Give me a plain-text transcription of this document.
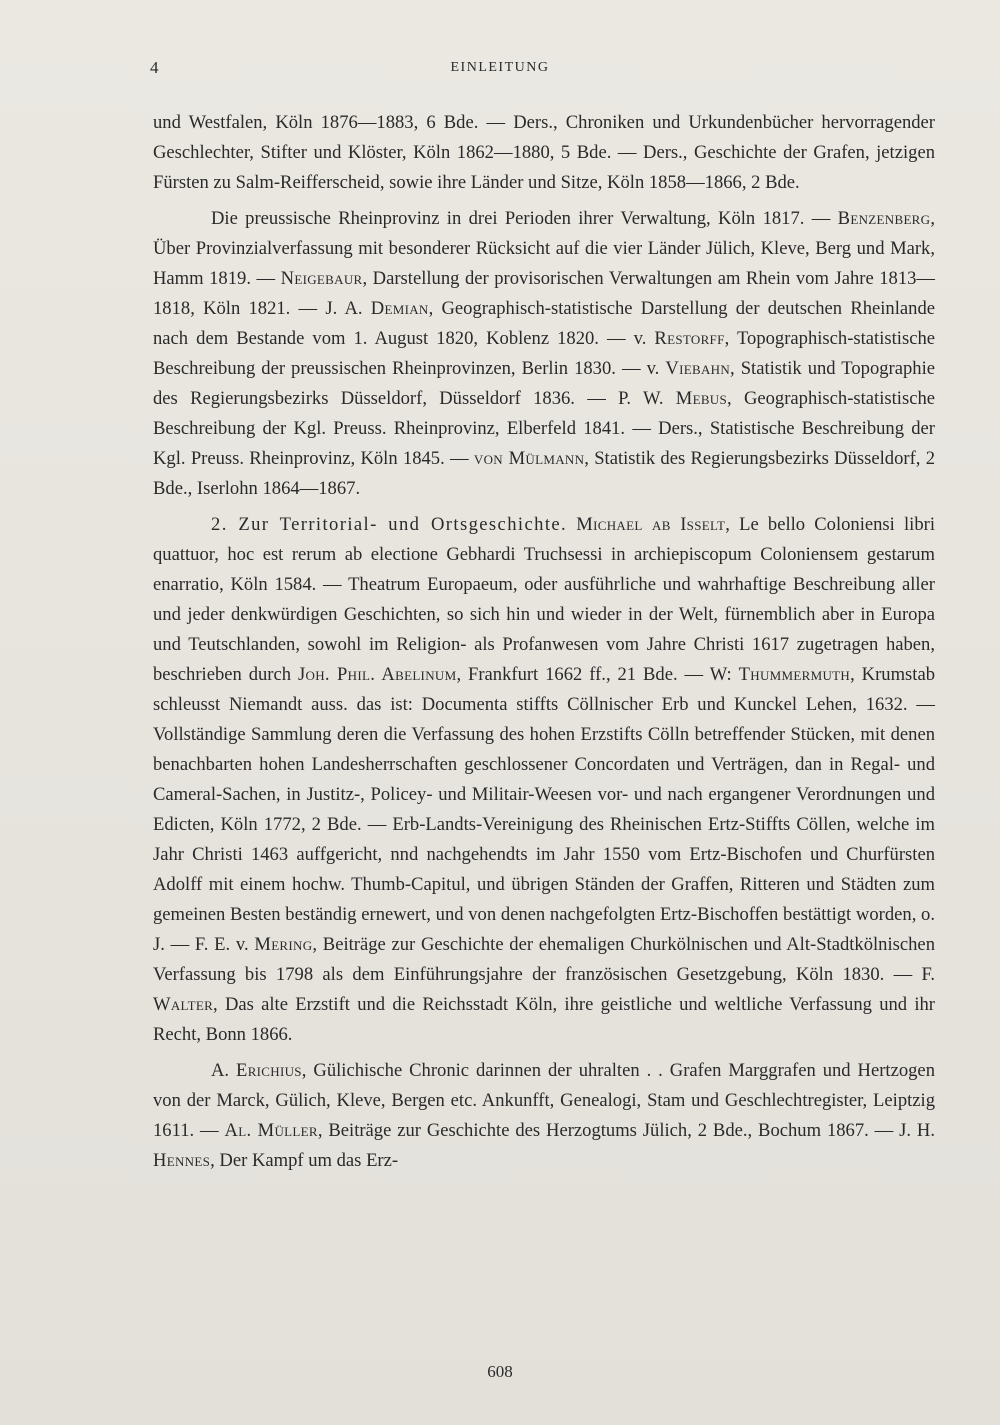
4	EINLEITUNG

und Westfalen, Köln 1876—1883, 6 Bde. — Ders., Chroniken und Urkundenbücher hervorragender Geschlechter, Stifter und Klöster, Köln 1862—1880, 5 Bde. — Ders., Geschichte der Grafen, jetzigen Fürsten zu Salm-Reifferscheid, sowie ihre Länder und Sitze, Köln 1858—1866, 2 Bde.

Die preussische Rheinprovinz in drei Perioden ihrer Verwaltung, Köln 1817. — Benzenberg, Über Provinzialverfassung mit besonderer Rücksicht auf die vier Länder Jülich, Kleve, Berg und Mark, Hamm 1819. — Neigebaur, Darstellung der provisorischen Verwaltungen am Rhein vom Jahre 1813—1818, Köln 1821. — J. A. Demian, Geographisch-statistische Darstellung der deutschen Rheinlande nach dem Bestande vom 1. August 1820, Koblenz 1820. — v. Restorff, Topographisch-statistische Beschreibung der preussischen Rheinprovinzen, Berlin 1830. — v. Viebahn, Statistik und Topographie des Regierungsbezirks Düsseldorf, Düsseldorf 1836. — P. W. Mebus, Geographisch-statistische Beschreibung der Kgl. Preuss. Rheinprovinz, Elberfeld 1841. — Ders., Statistische Beschreibung der Kgl. Preuss. Rheinprovinz, Köln 1845. — von Mülmann, Statistik des Regierungsbezirks Düsseldorf, 2 Bde., Iserlohn 1864—1867.

2. Zur Territorial- und Ortsgeschichte. Michael ab Isselt, Le bello Coloniensi libri quattuor, hoc est rerum ab electione Gebhardi Truchsessi in archiepiscopum Coloniensem gestarum enarratio, Köln 1584. — Theatrum Europaeum, oder ausführliche und wahrhaftige Beschreibung aller und jeder denkwürdigen Geschichten, so sich hin und wieder in der Welt, fürnemblich aber in Europa und Teutschlanden, sowohl im Religion- als Profanwesen vom Jahre Christi 1617 zugetragen haben, beschrieben durch Joh. Phil. Abelinum, Frankfurt 1662 ff., 21 Bde. — W: Thummermuth, Krumstab schleusst Niemandt auss. das ist: Documenta stiffts Cöllnischer Erb und Kunckel Lehen, 1632. — Vollständige Sammlung deren die Verfassung des hohen Erzstifts Cölln betreffender Stücken, mit denen benachbarten hohen Landesherrschaften geschlossener Concordaten und Verträgen, dan in Regal- und Cameral-Sachen, in Justitz-, Policey- und Militair-Weesen vor- und nach ergangener Verordnungen und Edicten, Köln 1772, 2 Bde. — Erb-Landts-Vereinigung des Rheinischen Ertz-Stiffts Cöllen, welche im Jahr Christi 1463 auffgericht, nnd nachgehendts im Jahr 1550 vom Ertz-Bischofen und Churfürsten Adolff mit einem hochw. Thumb-Capitul, und übrigen Ständen der Graffen, Ritteren und Städten zum gemeinen Besten beständig ernewert, und von denen nachgefolgten Ertz-Bischoffen bestättigt worden, o. J. — F. E. v. Mering, Beiträge zur Geschichte der ehemaligen Churkölnischen und Alt-Stadtkölnischen Verfassung bis 1798 als dem Einführungsjahre der französischen Gesetzgebung, Köln 1830. — F. Walter, Das alte Erzstift und die Reichsstadt Köln, ihre geistliche und weltliche Verfassung und ihr Recht, Bonn 1866.

A. Erichius, Gülichische Chronic darinnen der uhralten . . Grafen Marggrafen und Hertzogen von der Marck, Gülich, Kleve, Bergen etc. Ankunfft, Genealogi, Stam und Geschlechtregister, Leiptzig 1611. — Al. Müller, Beiträge zur Geschichte des Herzogtums Jülich, 2 Bde., Bochum 1867. — J. H. Hennes, Der Kampf um das Erz-

608
